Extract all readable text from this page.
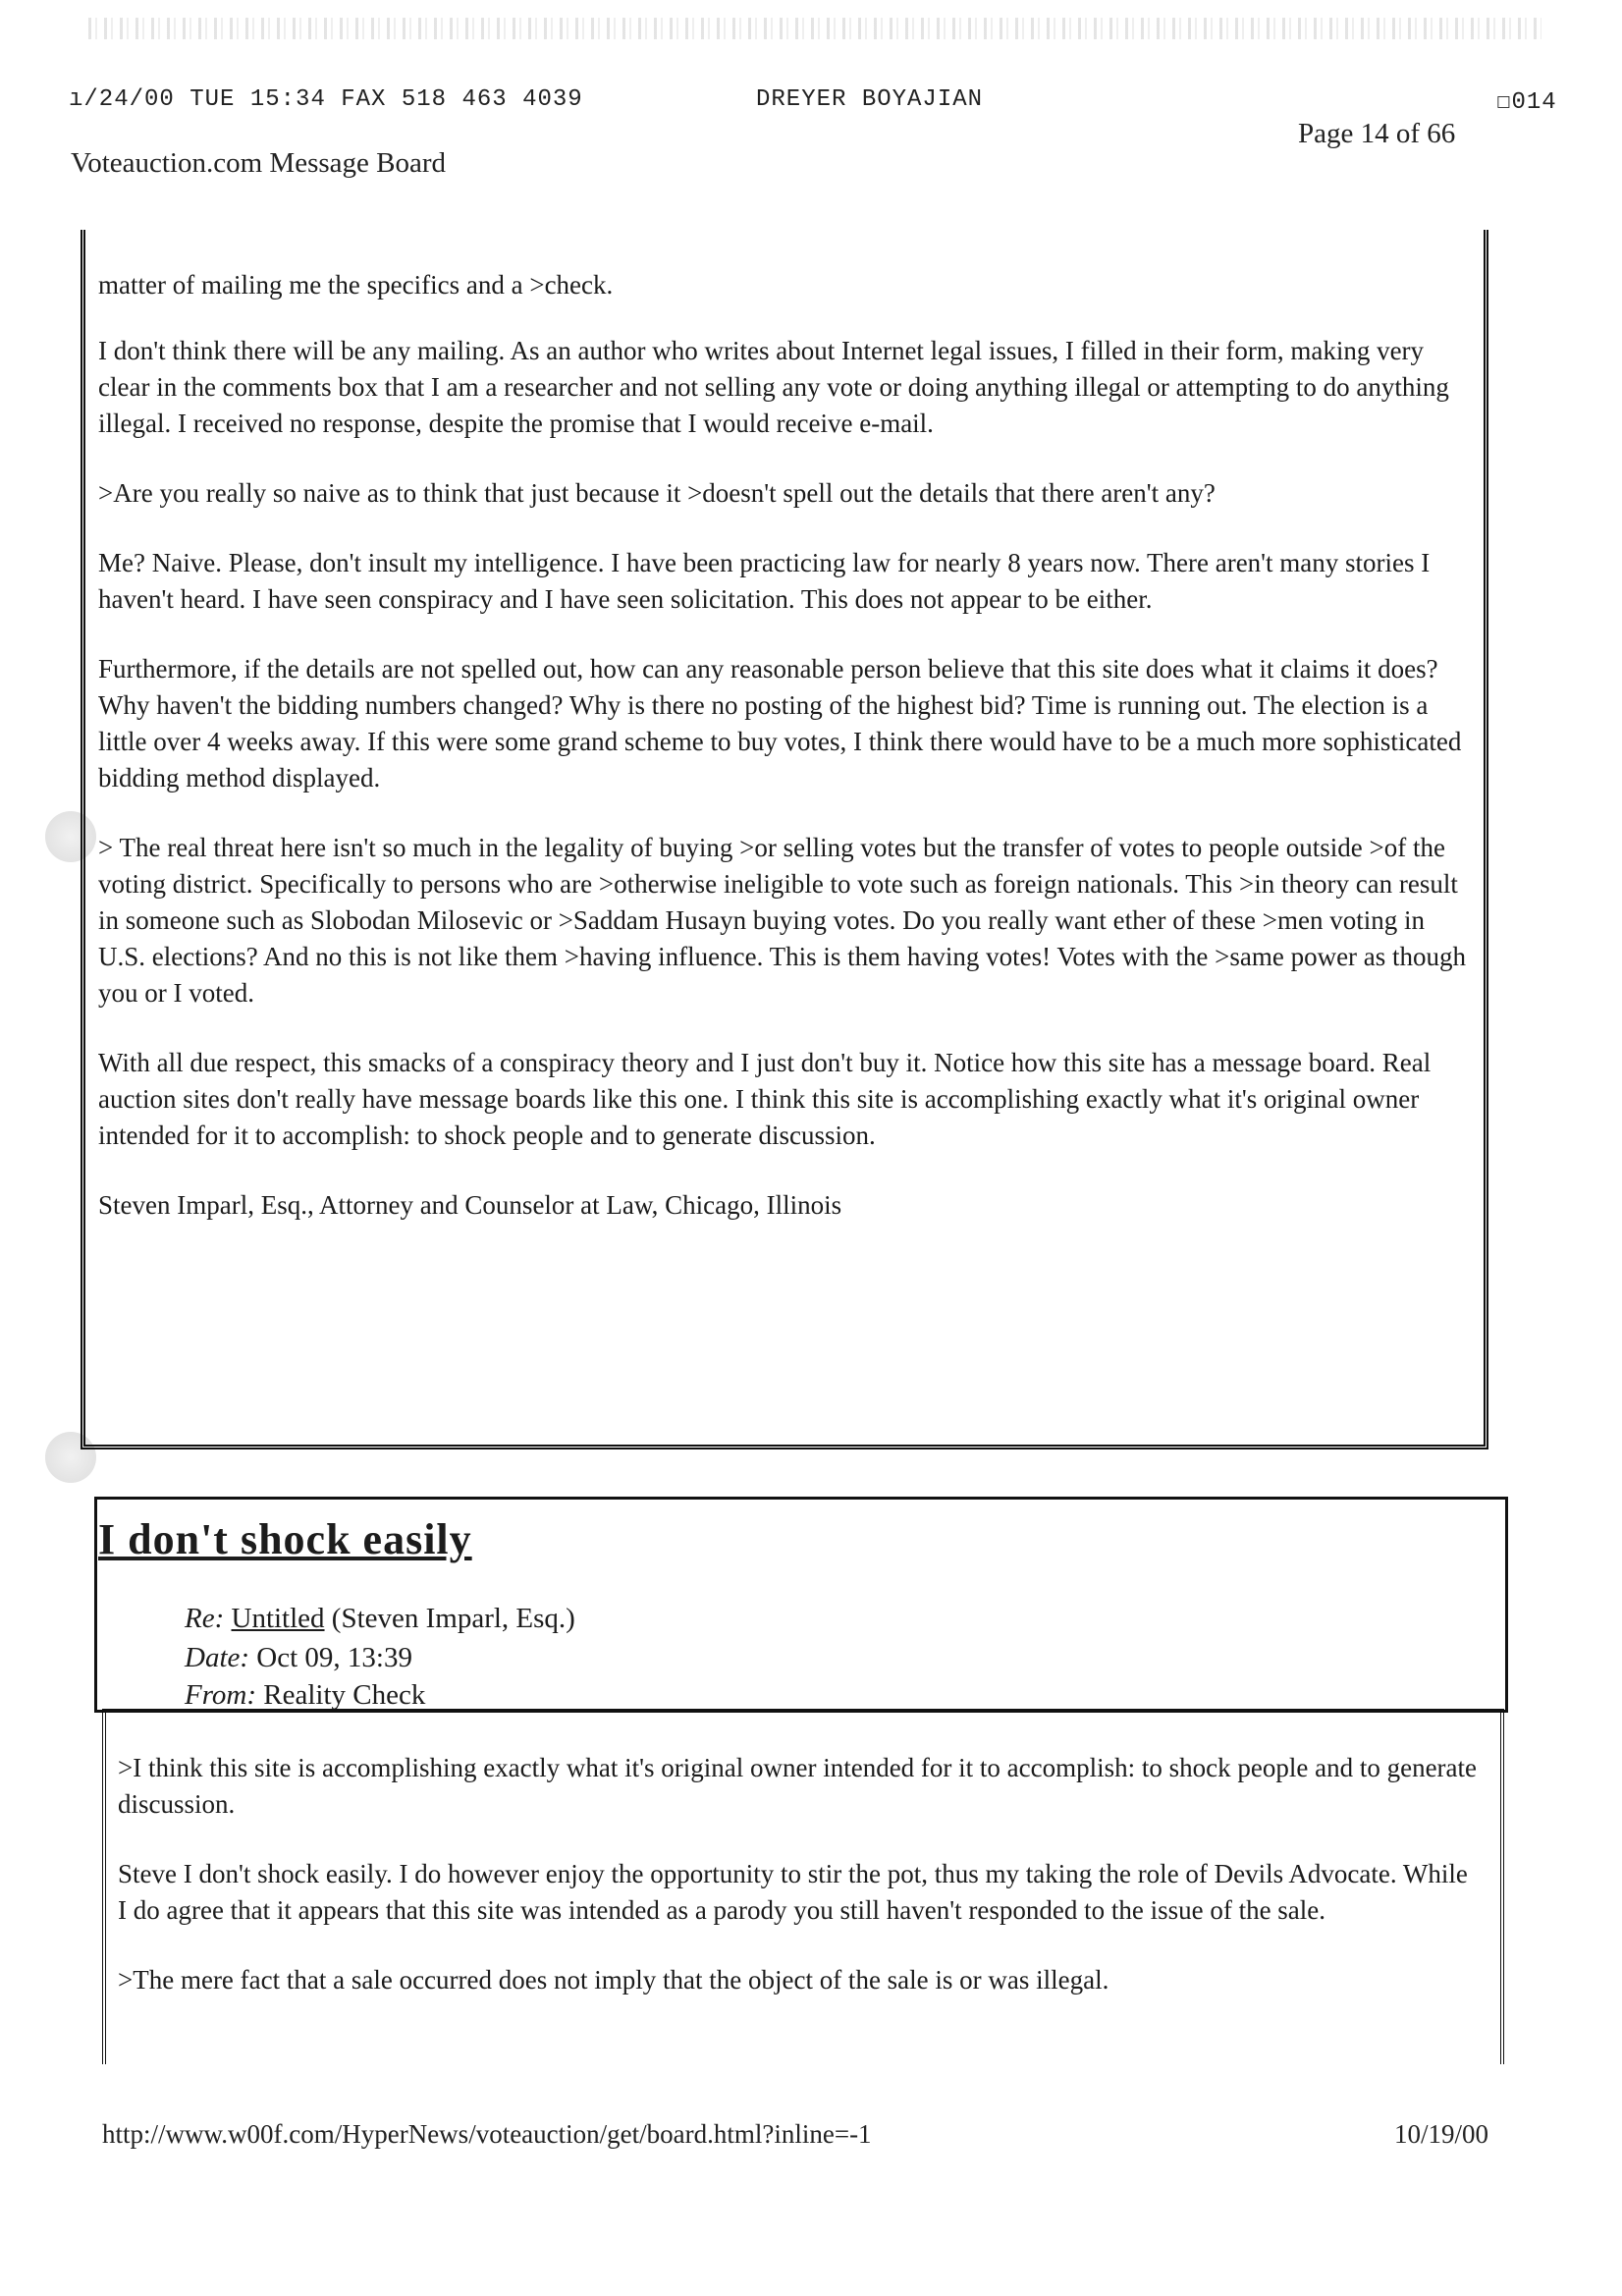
ı/24/00 TUE 15:34 FAX 518 463 4039	DREYER BOYAJIAN	☐014
Voteauction.com Message Board
Page 14 of 66

matter of mailing me the specifics and a >check.

I don't think there will be any mailing. As an author who writes about Internet legal issues, I filled in their form, making very clear in the comments box that I am a researcher and not selling any vote or doing anything illegal or attempting to do anything illegal. I received no response, despite the promise that I would receive e-mail.

>Are you really so naive as to think that just because it >doesn't spell out the details that there aren't any?

Me? Naive. Please, don't insult my intelligence. I have been practicing law for nearly 8 years now. There aren't many stories I haven't heard. I have seen conspiracy and I have seen solicitation. This does not appear to be either.

Furthermore, if the details are not spelled out, how can any reasonable person believe that this site does what it claims it does? Why haven't the bidding numbers changed? Why is there no posting of the highest bid? Time is running out. The election is a little over 4 weeks away. If this were some grand scheme to buy votes, I think there would have to be a much more sophisticated bidding method displayed.

> The real threat here isn't so much in the legality of buying >or selling votes but the transfer of votes to people outside >of the voting district. Specifically to persons who are >otherwise ineligible to vote such as foreign nationals. This >in theory can result in someone such as Slobodan Milosevic or >Saddam Husayn buying votes. Do you really want ether of these >men voting in U.S. elections? And no this is not like them >having influence. This is them having votes! Votes with the >same power as though you or I voted.

With all due respect, this smacks of a conspiracy theory and I just don't buy it. Notice how this site has a message board. Real auction sites don't really have message boards like this one. I think this site is accomplishing exactly what it's original owner intended for it to accomplish: to shock people and to generate discussion.

Steven Imparl, Esq., Attorney and Counselor at Law, Chicago, Illinois

I don't shock easily
Re: Untitled (Steven Imparl, Esq.)
Date: Oct 09, 13:39
From: Reality Check

>I think this site is accomplishing exactly what it's original owner intended for it to accomplish: to shock people and to generate discussion.

Steve I don't shock easily. I do however enjoy the opportunity to stir the pot, thus my taking the role of Devils Advocate. While I do agree that it appears that this site was intended as a parody you still haven't responded to the issue of the sale.

>The mere fact that a sale occurred does not imply that the object of the sale is or was illegal.

http://www.w00f.com/HyperNews/voteauction/get/board.html?inline=-1	10/19/00
